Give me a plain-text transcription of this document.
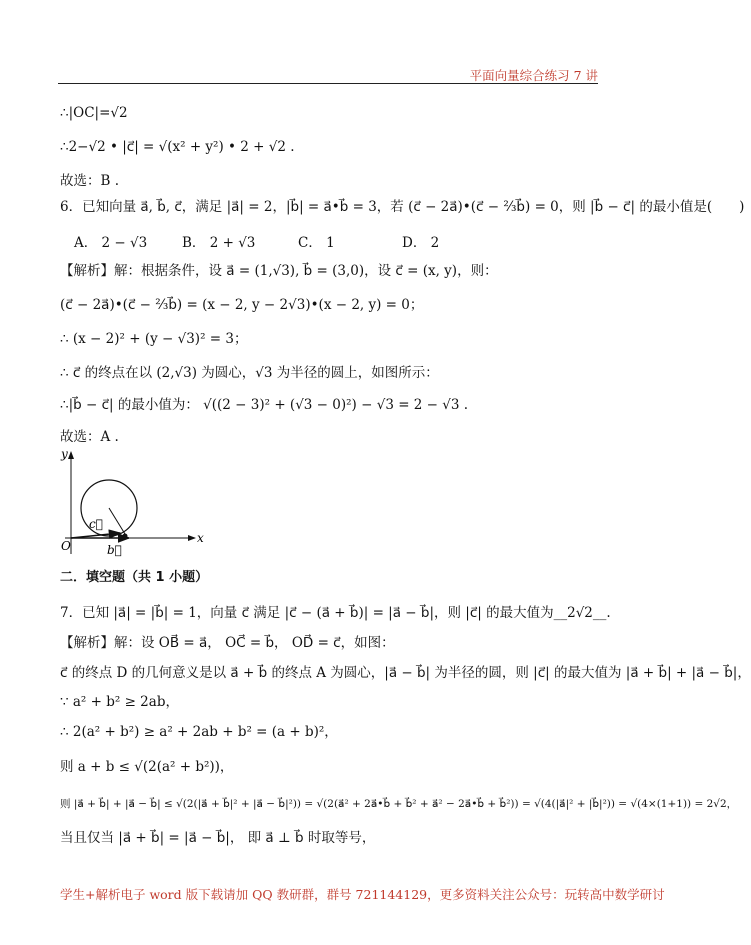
平面向量综合练习 7 讲
∴|OC|=√2
∴2−√2 • |c⃗| = √(x² + y²) • 2 + √2 .
故选：B .
6．已知向量 a⃗, b⃗, c⃗，满足 |a⃗| = 2，|b⃗| = a⃗•b⃗ = 3，若 (c⃗ − 2a⃗)•(c⃗ − ⅔b⃗) = 0，则 |b⃗ − c⃗| 的最小值是(　　)
A． 2 − √3	B． 2 + √3	C． 1	D． 2
【解析】解：根据条件，设 a⃗ = (1,√3), b⃗ = (3,0)，设 c⃗ = (x, y)，则：
(c⃗ − 2a⃗)•(c⃗ − ⅔b⃗) = (x − 2, y − 2√3)•(x − 2, y) = 0；
∴ (x − 2)² + (y − √3)² = 3；
∴ c⃗ 的终点在以 (2,√3) 为圆心，√3 为半径的圆上，如图所示：
∴|b⃗ − c⃗| 的最小值为： √((2 − 3)² + (√3 − 0)²) − √3 = 2 − √3 .
故选：A .
y
x
O
c⃗
b⃗
二．填空题（共 1 小题）
7．已知 |a⃗| = |b⃗| = 1，向量 c⃗ 满足 |c⃗ − (a⃗ + b⃗)| = |a⃗ − b⃗|，则 |c⃗| 的最大值为__2√2__.
【解析】解：设 OB⃗ = a⃗， OC⃗ = b⃗， OD⃗ = c⃗，如图：
c⃗ 的终点 D 的几何意义是以 a⃗ + b⃗ 的终点 A 为圆心，|a⃗ − b⃗| 为半径的圆，则 |c⃗| 的最大值为 |a⃗ + b⃗| + |a⃗ − b⃗|，
∵ a² + b² ≥ 2ab，
∴ 2(a² + b²) ≥ a² + 2ab + b² = (a + b)²，
则 a + b ≤ √(2(a² + b²))，
则 |a⃗ + b⃗| + |a⃗ − b⃗| ≤ √(2(|a⃗ + b⃗|² + |a⃗ − b⃗|²)) = √(2(a⃗² + 2a⃗•b⃗ + b⃗² + a⃗² − 2a⃗•b⃗ + b⃗²)) = √(4(|a⃗|² + |b⃗|²)) = √(4×(1+1)) = 2√2，
当且仅当 |a⃗ + b⃗| = |a⃗ − b⃗|， 即 a⃗ ⊥ b⃗ 时取等号，
学生+解析电子 word 版下载请加 QQ 教研群，群号 721144129，更多资料关注公众号：玩转高中数学研讨
